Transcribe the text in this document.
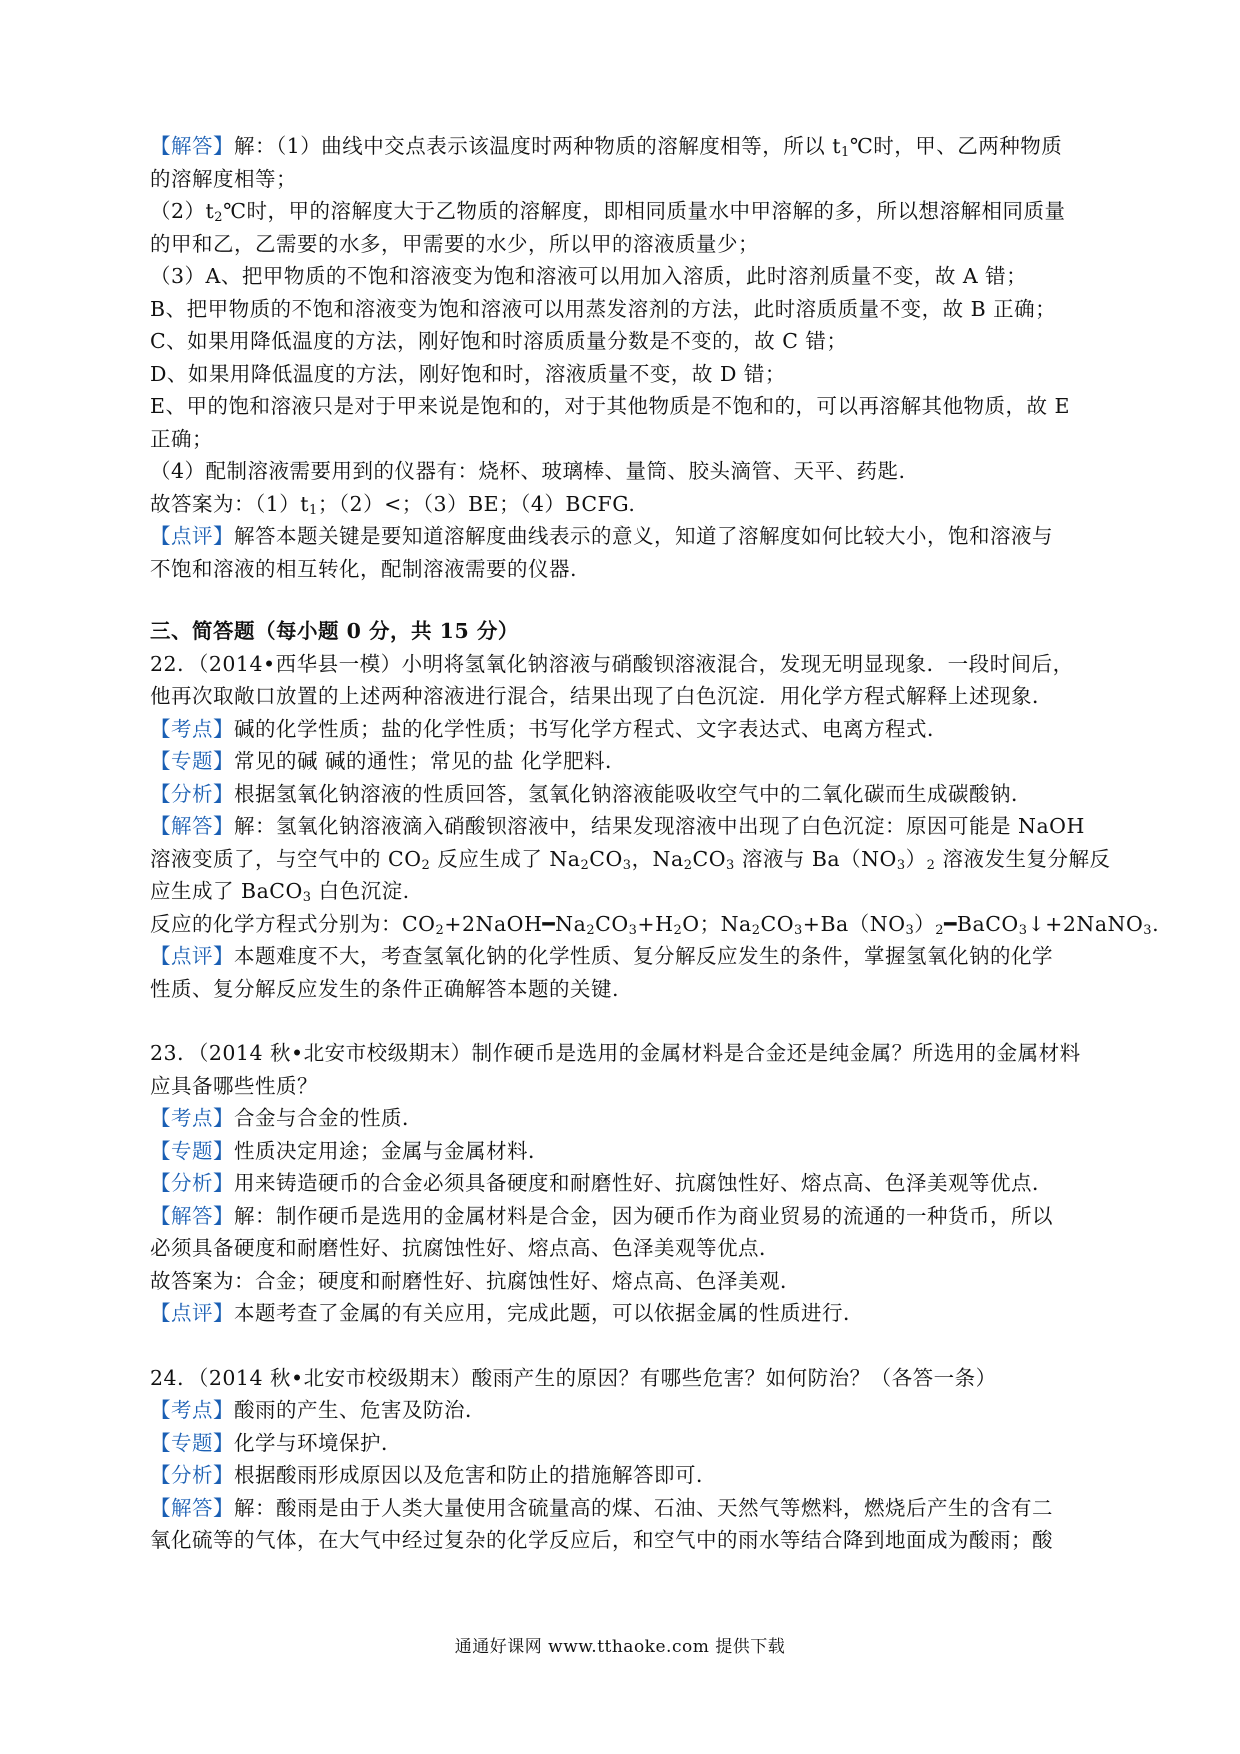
【解答】解：（1）曲线中交点表示该温度时两种物质的溶解度相等，所以 $t_1℃$时，甲、乙两种物质
的溶解度相等；
$(2)t_2℃$时，甲的溶解度大于乙物质的溶解度，即相同质量水中甲溶解的多，所以想溶解相同质量
的甲和乙，乙需要的水多，甲需要的水少，所以甲的溶液质量少；
（3）A、把甲物质的不饱和溶液变为饱和溶液可以用加入溶质，此时溶剂质量不变，故 A 错；
B、把甲物质的不饱和溶液变为饱和溶液可以用蒸发溶剂的方法，此时溶质质量不变，故 B 正确；
C、如果用降低温度的方法，刚好饱和时溶质质量分数是不变的，故 C 错；
D、如果用降低温度的方法，刚好饱和时，溶液质量不变，故 D 错；
E、甲的饱和溶液只是对于甲来说是饱和的，对于其他物质是不饱和的，可以再溶解其他物质，故 E
正确；
（4）配制溶液需要用到的仪器有：烧杯、玻璃棒、量筒、胶头滴管、天平、药匙.
故答案为：$(1)t_1$；（2）<；（3）BE；（4）BCFG.
【点评】解答本题关键是要知道溶解度曲线表示的意义，知道了溶解度如何比较大小，饱和溶液与
不饱和溶液的相互转化，配制溶液需要的仪器.
三、简答题（每小题 0 分，共 15 分）
22．（2014•西华县一模）小明将氢氧化钠溶液与硝酸钡溶液混合，发现无明显现象．一段时间后，
他再次取敞口放置的上述两种溶液进行混合，结果出现了白色沉淀．用化学方程式解释上述现象．
【考点】碱的化学性质；盐的化学性质；书写化学方程式、文字表达式、电离方程式．
【专题】常见的碱 碱的通性；常见的盐 化学肥料．
【分析】根据氢氧化钠溶液的性质回答，氢氧化钠溶液能吸收空气中的二氧化碳而生成碳酸钠．
【解答】解：氢氧化钠溶液滴入硝酸钡溶液中，结果发现溶液中出现了白色沉淀：原因可能是 NaOH
溶液变质了，与空气中的 $CO_2$ 反应生成了 $Na_2CO_3$，$Na_2CO_3$ 溶液与 $Ba(NO_3)_2$ 溶液发生复分解反
应生成了 BaCO$_3$ 白色沉淀.
反应的化学方程式分别为：$CO_2+2NaOH━Na_2CO_3+H_2O$；$Na_2CO_3+Ba(NO_3)_2━BaCO_3↓+2NaNO_3$.
【点评】本题难度不大，考查氢氧化钠的化学性质、复分解反应发生的条件，掌握氢氧化钠的化学
性质、复分解反应发生的条件正确解答本题的关键.
23．（2014 秋•北安市校级期末）制作硬币是选用的金属材料是合金还是纯金属？所选用的金属材料
应具备哪些性质？
【考点】合金与合金的性质．
【专题】性质决定用途；金属与金属材料．
【分析】用来铸造硬币的合金必须具备硬度和耐磨性好、抗腐蚀性好、熔点高、色泽美观等优点．
【解答】解：制作硬币是选用的金属材料是合金，因为硬币作为商业贸易的流通的一种货币，所以
必须具备硬度和耐磨性好、抗腐蚀性好、熔点高、色泽美观等优点．
故答案为：合金；硬度和耐磨性好、抗腐蚀性好、熔点高、色泽美观．
【点评】本题考查了金属的有关应用，完成此题，可以依据金属的性质进行．
24．（2014 秋•北安市校级期末）酸雨产生的原因？有哪些危害？如何防治？（各答一条）
【考点】酸雨的产生、危害及防治．
【专题】化学与环境保护．
【分析】根据酸雨形成原因以及危害和防止的措施解答即可．
【解答】解：酸雨是由于人类大量使用含硫量高的煤、石油、天然气等燃料，燃烧后产生的含有二
氧化硫等的气体，在大气中经过复杂的化学反应后，和空气中的雨水等结合降到地面成为酸雨；酸
通通好课网 www.tthaoke.com 提供下载
